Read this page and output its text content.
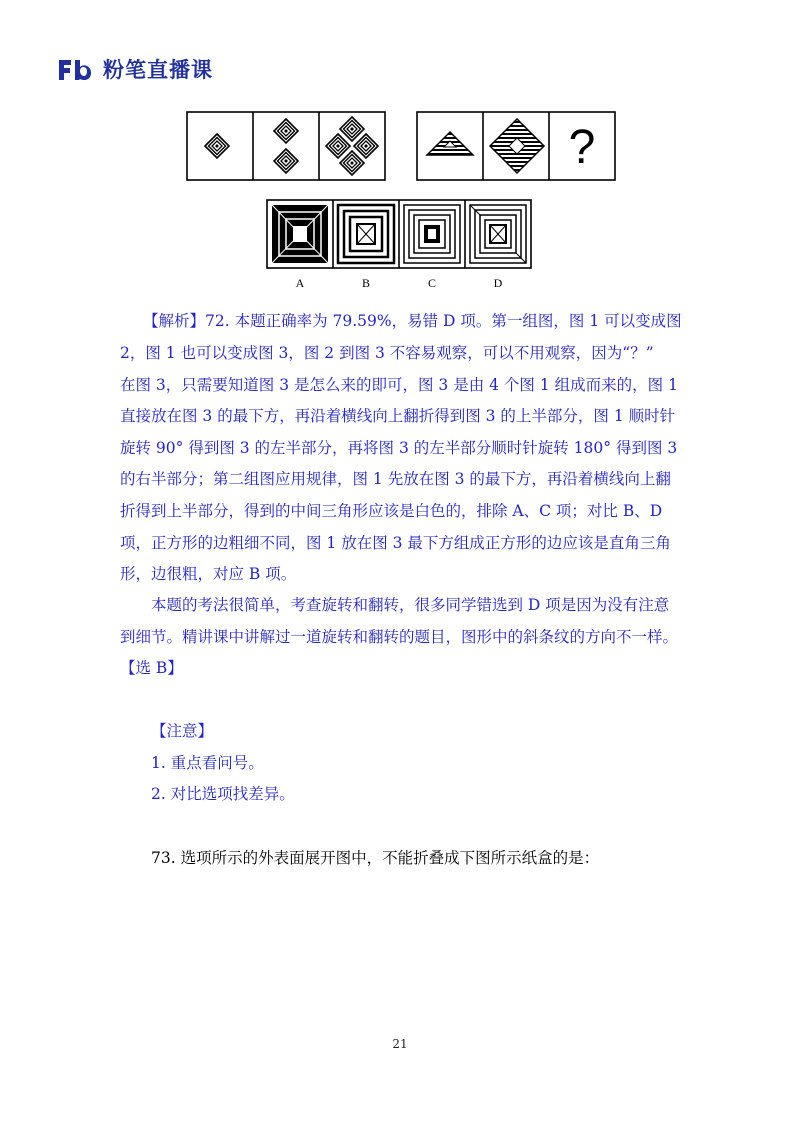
粉笔直播课
?
A	B	C	D
【解析】72. 本题正确率为 79.59%，易错 D 项。第一组图，图 1 可以变成图
2，图 1 也可以变成图 3，图 2 到图 3 不容易观察，可以不用观察，因为“？”
在图 3，只需要知道图 3 是怎么来的即可，图 3 是由 4 个图 1 组成而来的，图 1
直接放在图 3 的最下方，再沿着横线向上翻折得到图 3 的上半部分，图 1 顺时针
旋转 90° 得到图 3 的左半部分，再将图 3 的左半部分顺时针旋转 180° 得到图 3
的右半部分；第二组图应用规律，图 1 先放在图 3 的最下方，再沿着横线向上翻
折得到上半部分，得到的中间三角形应该是白色的，排除 A、C 项；对比 B、D
项，正方形的边粗细不同，图 1 放在图 3 最下方组成正方形的边应该是直角三角
形，边很粗，对应 B 项。
本题的考法很简单，考查旋转和翻转，很多同学错选到 D 项是因为没有注意
到细节。精讲课中讲解过一道旋转和翻转的题目，图形中的斜条纹的方向不一样。
【选 B】
【注意】
1. 重点看问号。
2. 对比选项找差异。
73. 选项所示的外表面展开图中，不能折叠成下图所示纸盒的是：
21
